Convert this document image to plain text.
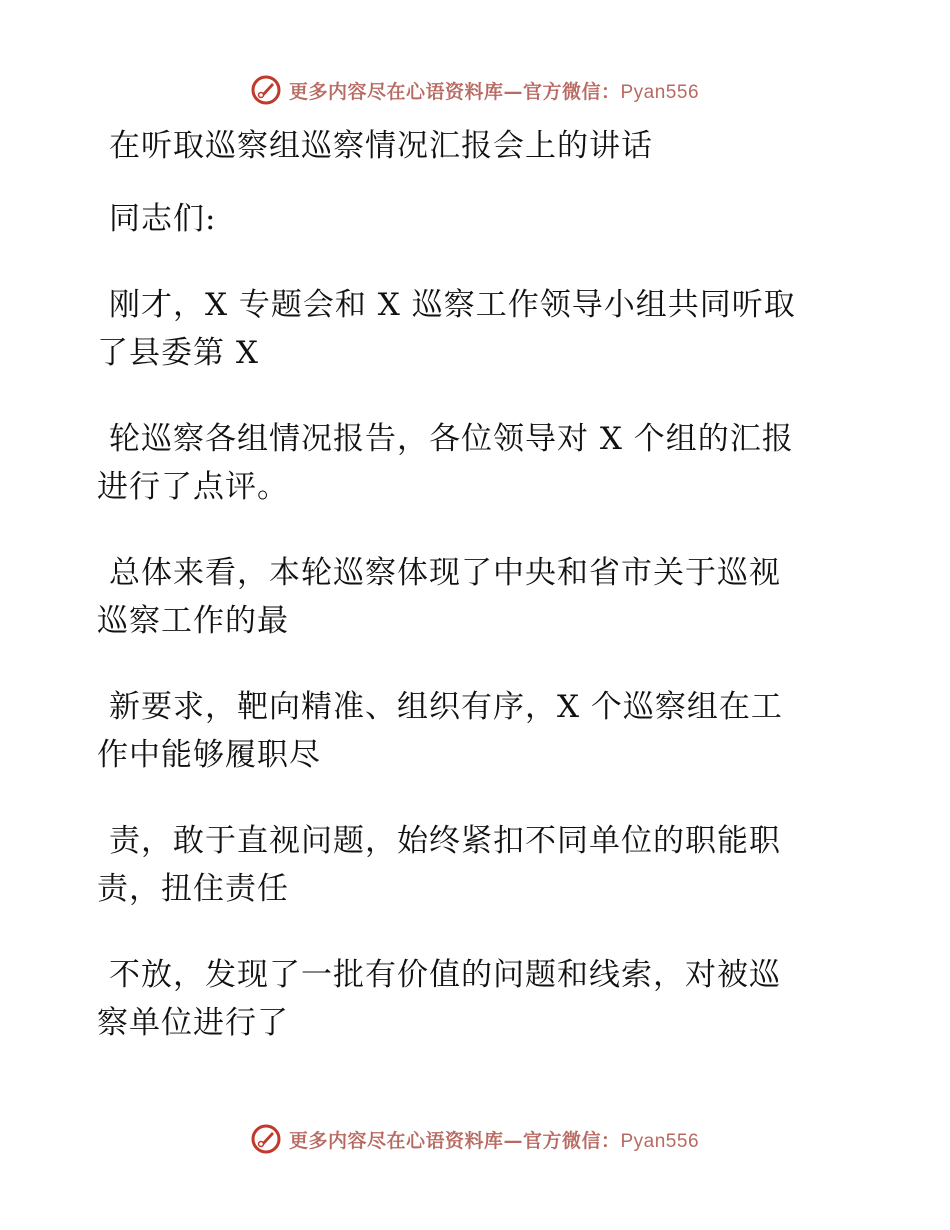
更多内容尽在心语资料库—官方微信：Pyan556
在听取巡察组巡察情况汇报会上的讲话
同志们:
刚才，X 专题会和 X 巡察工作领导小组共同听取
了县委第 X
轮巡察各组情况报告，各位领导对 X 个组的汇报
进行了点评。
总体来看，本轮巡察体现了中央和省市关于巡视
巡察工作的最
新要求，靶向精准、组织有序，X 个巡察组在工
作中能够履职尽
责，敢于直视问题，始终紧扣不同单位的职能职
责，扭住责任
不放，发现了一批有价值的问题和线索，对被巡
察单位进行了
更多内容尽在心语资料库—官方微信：Pyan556
